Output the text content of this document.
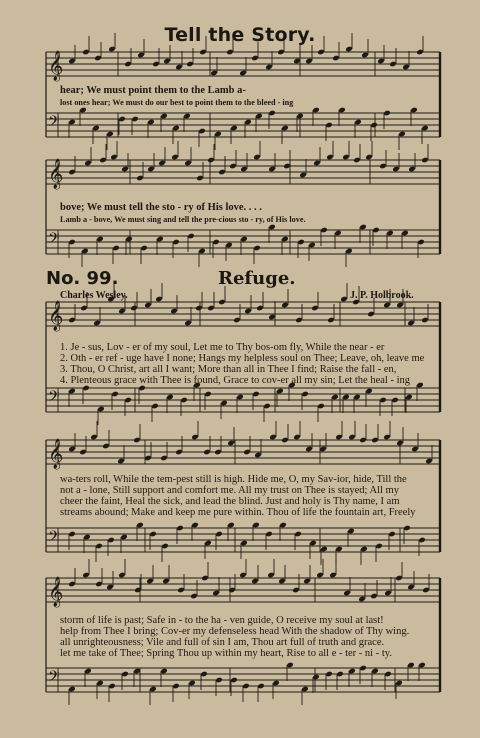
𝄞
𝄢
𝄞
𝄢
𝄞
𝄢
𝄞
𝄢
𝄞
𝄢
Tell the Story.
hear; We must point them to the Lamb a-
lost ones hear; We must do our best to point them to the bleed - ing
bove; We must tell the sto - ry of His love. . . .
Lamb a - bove, We must sing and tell the pre-cious sto - ry, of His love.
No. 99.	Refuge.
Charles Wesley.	J. P. Holbrook.
1. Je - sus, Lov - er of my soul, Let me to Thy bos-om fly, While the near - er
2. Oth - er ref - uge have I none; Hangs my helpless soul on Thee; Leave, oh, leave me
3. Thou, O Christ, art all I want; More than all in Thee I find; Raise the fall - en,
4. Plenteous grace with Thee is found, Grace to cov-er all my sin; Let the heal - ing
wa-ters roll, While the tem-pest still is high. Hide me, O, my Sav-ior, hide, Till the
not a - lone, Still support and comfort me. All my trust on Thee is stayed; All my
cheer the faint, Heal the sick, and lead the blind. Just and holy is Thy name, I am
streams abound; Make and keep me pure within. Thou of life the fountain art, Freely
storm of life is past; Safe in - to the ha - ven guide, O receive my soul at last!
help from Thee I bring; Cov-er my defenseless head With the shadow of Thy wing.
all unrighteousness; Vile and full of sin I am, Thou art full of truth and grace.
let me take of Thee; Spring Thou up within my heart, Rise to all e - ter - ni - ty.
